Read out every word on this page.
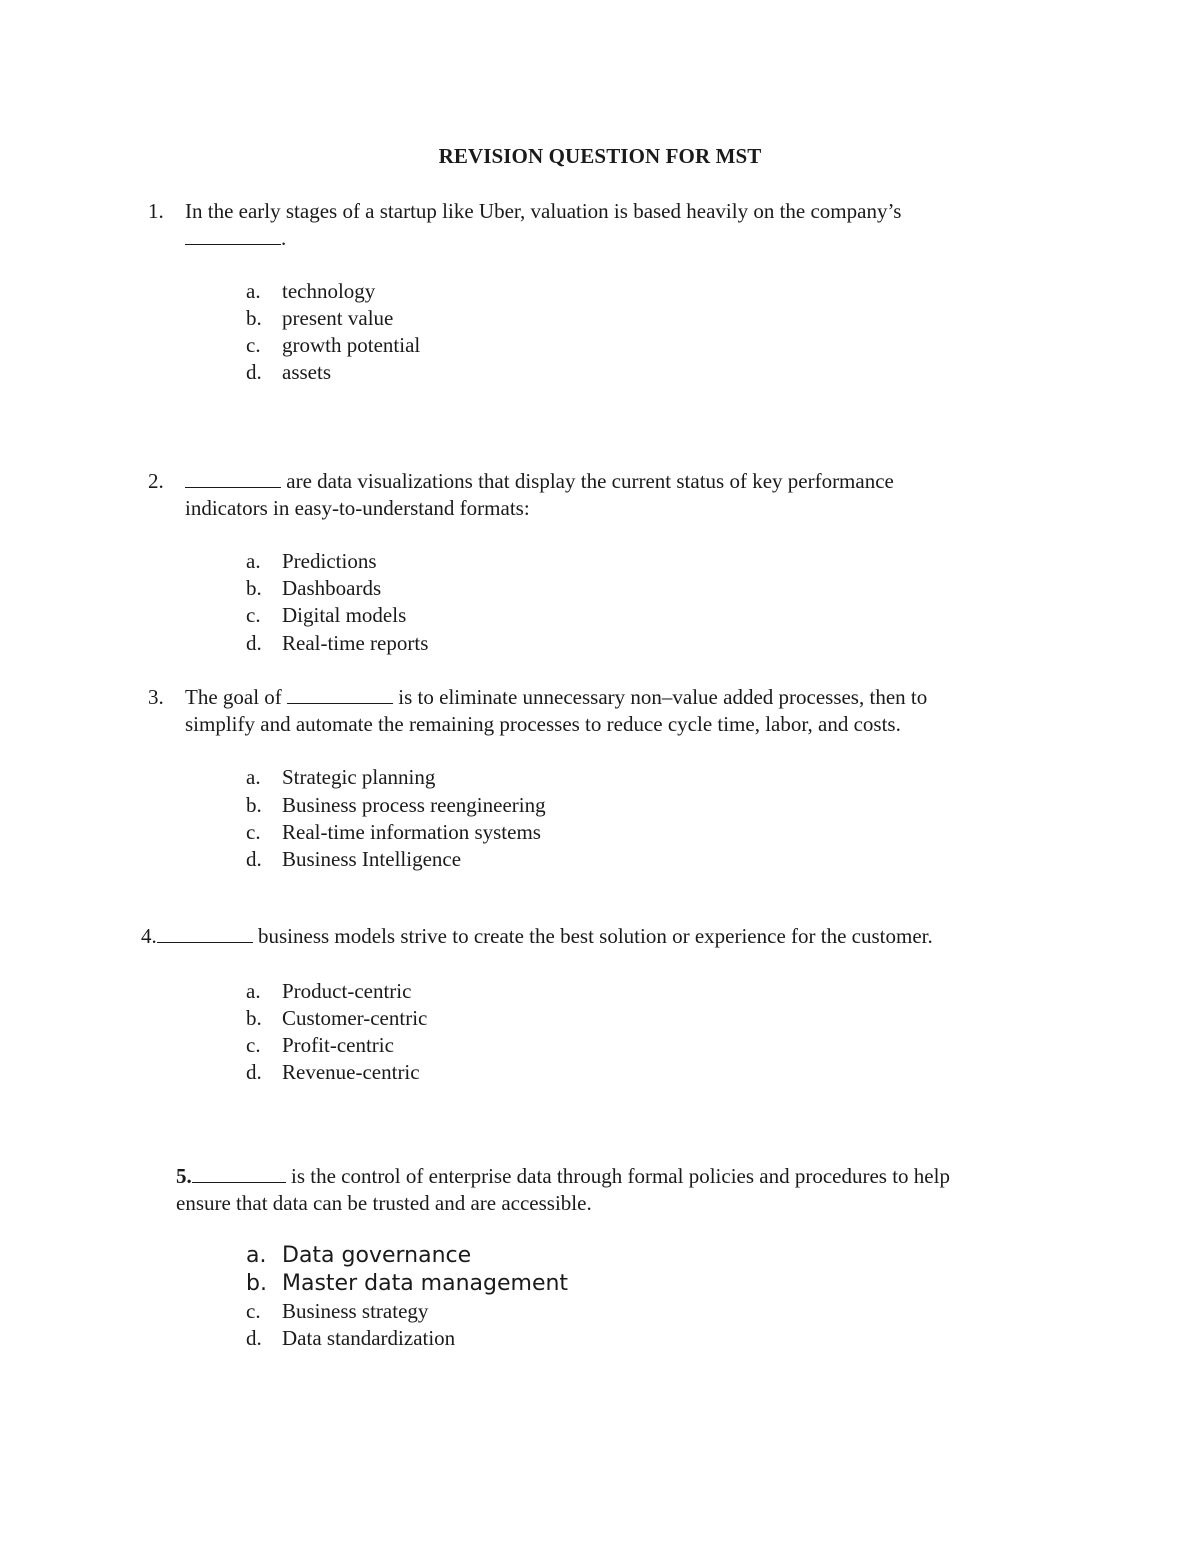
REVISION QUESTION FOR MST
1. In the early stages of a startup like Uber, valuation is based heavily on the company’s
.
a. technology
b. present value
c. growth potential
d. assets
2.	are data visualizations that display the current status of key performance
indicators in easy-to-understand formats:
a. Predictions
b. Dashboards
c. Digital models
d. Real-time reports
3. The goal of	is to eliminate unnecessary non–value added processes, then to
simplify and automate the remaining processes to reduce cycle time, labor, and costs.
a. Strategic planning
b. Business process reengineering
c. Real-time information systems
d. Business Intelligence
4.	business models strive to create the best solution or experience for the customer.
a. Product-centric
b. Customer-centric
c. Profit-centric
d. Revenue-centric
5.	is the control of enterprise data through formal policies and procedures to help
ensure that data can be trusted and are accessible.
a. Data governance
b. Master data management
c. Business strategy
d. Data standardization
